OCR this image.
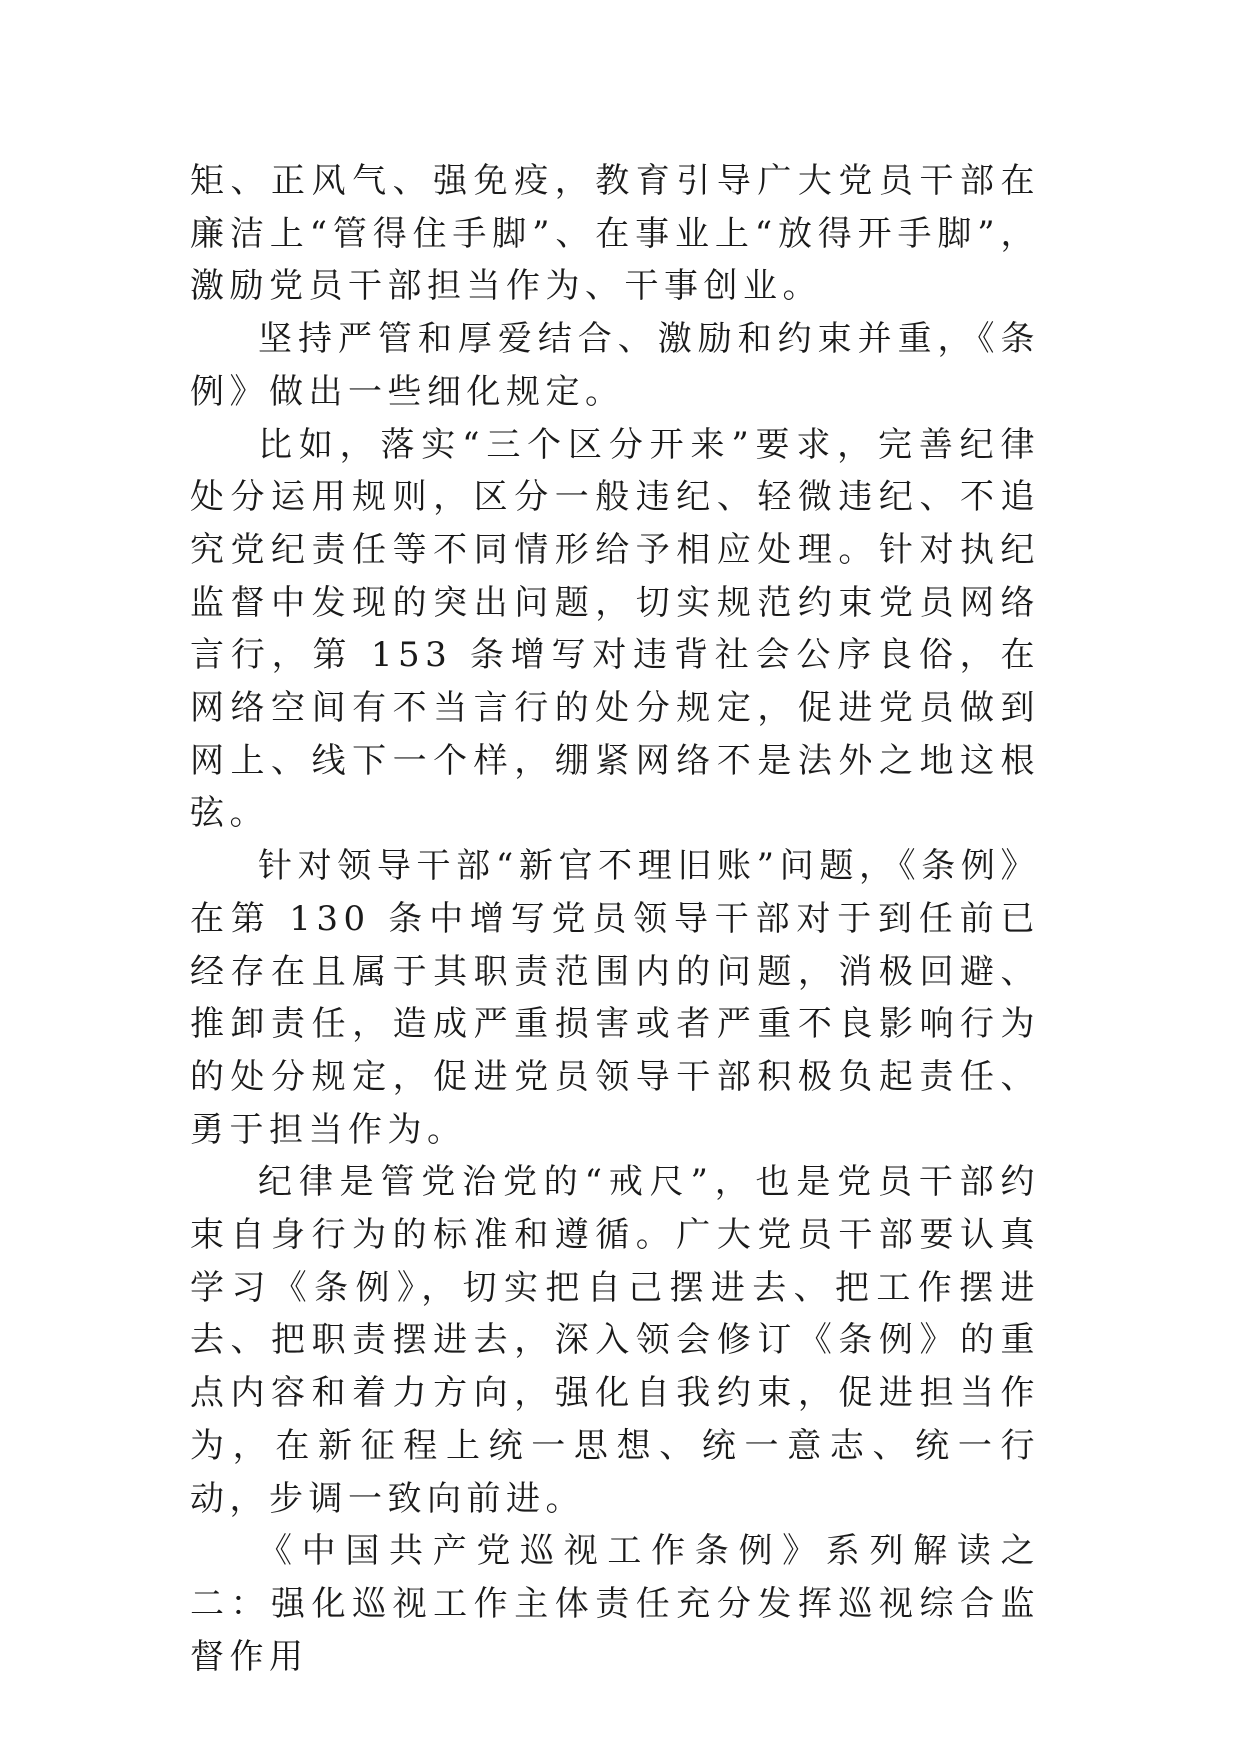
矩、正风气、强免疫，教育引导广大党员干部在廉洁上“管得住手脚”、在事业上“放得开手脚”，激励党员干部担当作为、干事创业。

坚持严管和厚爱结合、激励和约束并重，《条例》做出一些细化规定。

比如，落实“三个区分开来”要求，完善纪律处分运用规则，区分一般违纪、轻微违纪、不追究党纪责任等不同情形给予相应处理。针对执纪监督中发现的突出问题，切实规范约束党员网络言行，第 153 条增写对违背社会公序良俗，在网络空间有不当言行的处分规定，促进党员做到网上、线下一个样，绷紧网络不是法外之地这根弦。

针对领导干部“新官不理旧账”问题，《条例》在第 130 条中增写党员领导干部对于到任前已经存在且属于其职责范围内的问题，消极回避、推卸责任，造成严重损害或者严重不良影响行为的处分规定，促进党员领导干部积极负起责任、勇于担当作为。

纪律是管党治党的“戒尺”，也是党员干部约束自身行为的标准和遵循。广大党员干部要认真学习《条例》，切实把自己摆进去、把工作摆进去、把职责摆进去，深入领会修订《条例》的重点内容和着力方向，强化自我约束，促进担当作为，在新征程上统一思想、统一意志、统一行动，步调一致向前进。

《中国共产党巡视工作条例》系列解读之二：强化巡视工作主体责任充分发挥巡视综合监督作用
